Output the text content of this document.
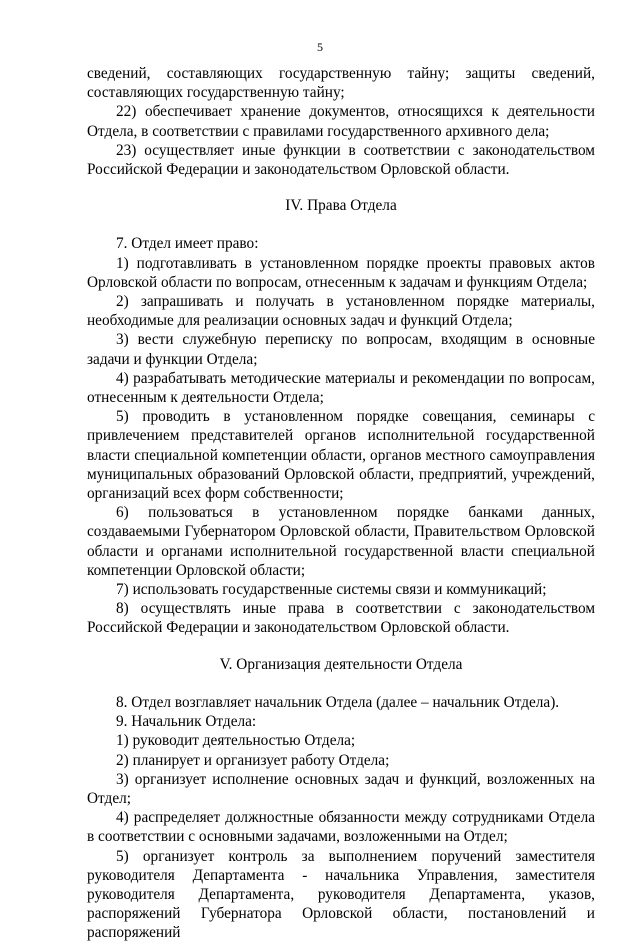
5

сведений, составляющих государственную тайну; защиты сведений, составляющих государственную тайну;

22) обеспечивает хранение документов, относящихся к деятельности Отдела, в соответствии с правилами государственного архивного дела;

23) осуществляет иные функции в соответствии с законодательством Российской Федерации и законодательством Орловской области.

IV. Права Отдела

7. Отдел имеет право:

1) подготавливать в установленном порядке проекты правовых актов Орловской области по вопросам, отнесенным к задачам и функциям Отдела;

2) запрашивать и получать в установленном порядке материалы, необходимые для реализации основных задач и функций Отдела;

3) вести служебную переписку по вопросам, входящим в основные задачи и функции Отдела;

4) разрабатывать методические материалы и рекомендации по вопросам, отнесенным к деятельности Отдела;

5) проводить в установленном порядке совещания, семинары с привлечением представителей органов исполнительной государственной власти специальной компетенции области, органов местного самоуправления муниципальных образований Орловской области, предприятий, учреждений, организаций всех форм собственности;

6) пользоваться в установленном порядке банками данных, создаваемыми Губернатором Орловской области, Правительством Орловской области и органами исполнительной государственной власти специальной компетенции Орловской области;

7) использовать государственные системы связи и коммуникаций;

8) осуществлять иные права в соответствии с законодательством Российской Федерации и законодательством Орловской области.

V. Организация деятельности Отдела

8. Отдел возглавляет начальник Отдела (далее – начальник Отдела).

9. Начальник Отдела:

1) руководит деятельностью Отдела;

2) планирует и организует работу Отдела;

3) организует исполнение основных задач и функций, возложенных на Отдел;

4) распределяет должностные обязанности между сотрудниками Отдела в соответствии с основными задачами, возложенными на Отдел;

5) организует контроль за выполнением поручений заместителя руководителя Департамента - начальника Управления, заместителя руководителя Департамента, руководителя Департамента, указов, распоряжений Губернатора Орловской области, постановлений и распоряжений
